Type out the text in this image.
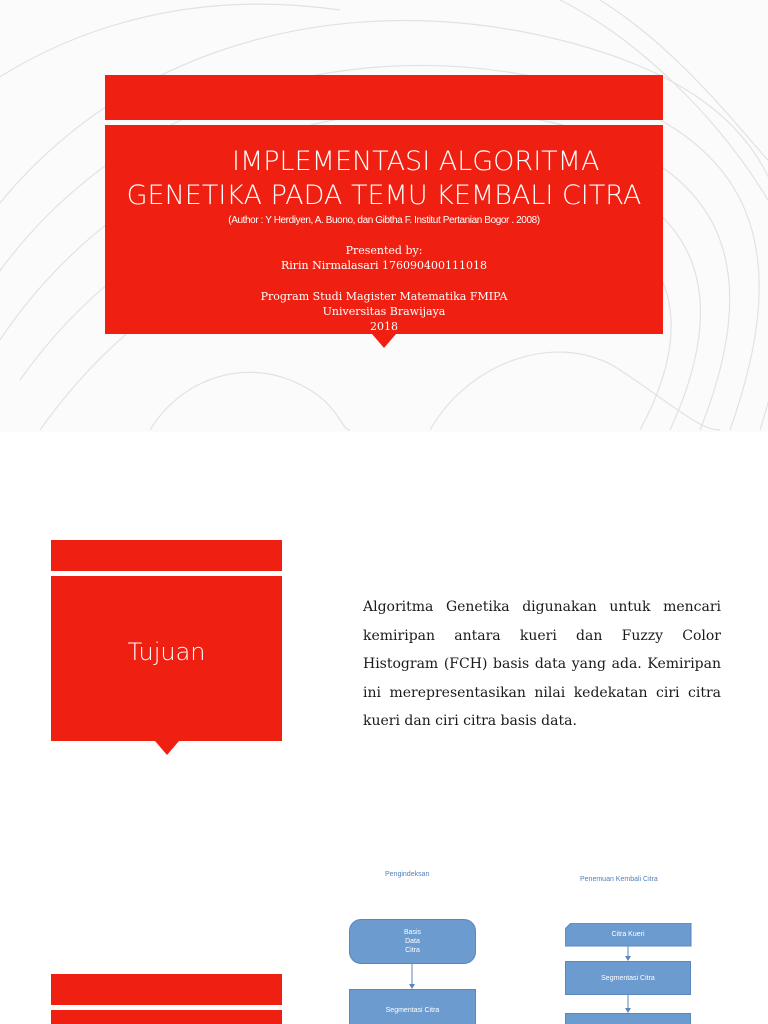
IMPLEMENTASI ALGORITMA
GENETIKA PADA TEMU KEMBALI CITRA
(Author : Y Herdiyen, A. Buono, dan Gibtha F. Institut Pertanian Bogor . 2008)
Presented by:
Ririn Nirmalasari 176090400111018
Program Studi Magister Matematika FMIPA
Universitas Brawijaya
2018
Tujuan
Algoritma Genetika digunakan untuk mencari kemiripan antara kueri dan Fuzzy Color Histogram (FCH) basis data yang ada. Kemiripan ini merepresentasikan nilai kedekatan ciri citra kueri dan ciri citra basis data.
Pengindeksan
Penemuan Kembali Citra
Basis
Data
Citra
Segmentasi Citra
Citra Kueri
Segmentasi Citra
